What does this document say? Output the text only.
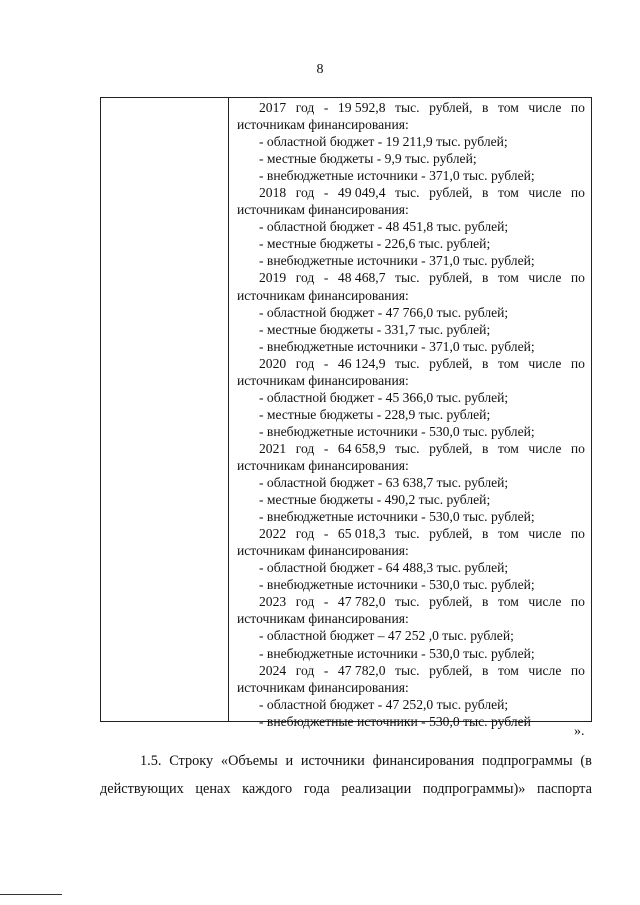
8
2017 год - 19 592,8 тыс. рублей, в том числе по
источникам финансирования:
- областной бюджет - 19 211,9 тыс. рублей;
- местные бюджеты - 9,9 тыс. рублей;
- внебюджетные источники - 371,0 тыс. рублей;
2018 год - 49 049,4 тыс. рублей, в том числе по
источникам финансирования:
- областной бюджет - 48 451,8 тыс. рублей;
- местные бюджеты - 226,6 тыс. рублей;
- внебюджетные источники - 371,0 тыс. рублей;
2019 год - 48 468,7 тыс. рублей, в том числе по
источникам финансирования:
- областной бюджет - 47 766,0 тыс. рублей;
- местные бюджеты - 331,7 тыс. рублей;
- внебюджетные источники - 371,0 тыс. рублей;
2020 год - 46 124,9 тыс. рублей, в том числе по
источникам финансирования:
- областной бюджет - 45 366,0 тыс. рублей;
- местные бюджеты - 228,9 тыс. рублей;
- внебюджетные источники - 530,0 тыс. рублей;
2021 год - 64 658,9 тыс. рублей, в том числе по
источникам финансирования:
- областной бюджет - 63 638,7 тыс. рублей;
- местные бюджеты - 490,2 тыс. рублей;
- внебюджетные источники - 530,0 тыс. рублей;
2022 год - 65 018,3 тыс. рублей, в том числе по
источникам финансирования:
- областной бюджет - 64 488,3 тыс. рублей;
- внебюджетные источники - 530,0 тыс. рублей;
2023 год - 47 782,0 тыс. рублей, в том числе по
источникам финансирования:
- областной бюджет – 47 252 ,0 тыс. рублей;
- внебюджетные источники - 530,0 тыс. рублей;
2024 год - 47 782,0 тыс. рублей, в том числе по
источникам финансирования:
- областной бюджет - 47 252,0 тыс. рублей;
- внебюджетные источники - 530,0 тыс. рублей
».
1.5. Строку «Объемы и источники финансирования подпрограммы (в
действующих ценах каждого года реализации подпрограммы)» паспорта
